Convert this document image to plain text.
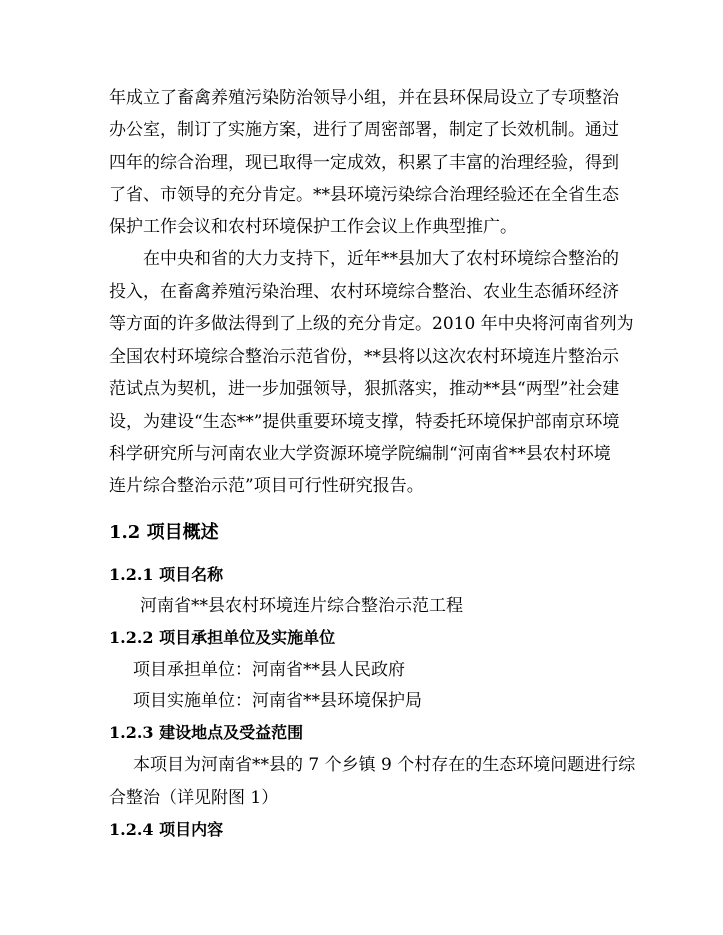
年成立了畜禽养殖污染防治领导小组，并在县环保局设立了专项整治
办公室，制订了实施方案，进行了周密部署，制定了长效机制。通过
四年的综合治理，现已取得一定成效，积累了丰富的治理经验，得到
了省、市领导的充分肯定。**县环境污染综合治理经验还在全省生态
保护工作会议和农村环境保护工作会议上作典型推广。
在中央和省的大力支持下，近年**县加大了农村环境综合整治的
投入，在畜禽养殖污染治理、农村环境综合整治、农业生态循环经济
等方面的许多做法得到了上级的充分肯定。2010 年中央将河南省列为
全国农村环境综合整治示范省份，**县将以这次农村环境连片整治示
范试点为契机，进一步加强领导，狠抓落实，推动**县“两型”社会建
设，为建设“生态**”提供重要环境支撑，特委托环境保护部南京环境
科学研究所与河南农业大学资源环境学院编制“河南省**县农村环境
连片综合整治示范”项目可行性研究报告。
1.2 项目概述
1.2.1 项目名称
河南省**县农村环境连片综合整治示范工程
1.2.2 项目承担单位及实施单位
项目承担单位：河南省**县人民政府
项目实施单位：河南省**县环境保护局
1.2.3 建设地点及受益范围
本项目为河南省**县的 7 个乡镇 9 个村存在的生态环境问题进行综
合整治（详见附图 1）
1.2.4 项目内容
